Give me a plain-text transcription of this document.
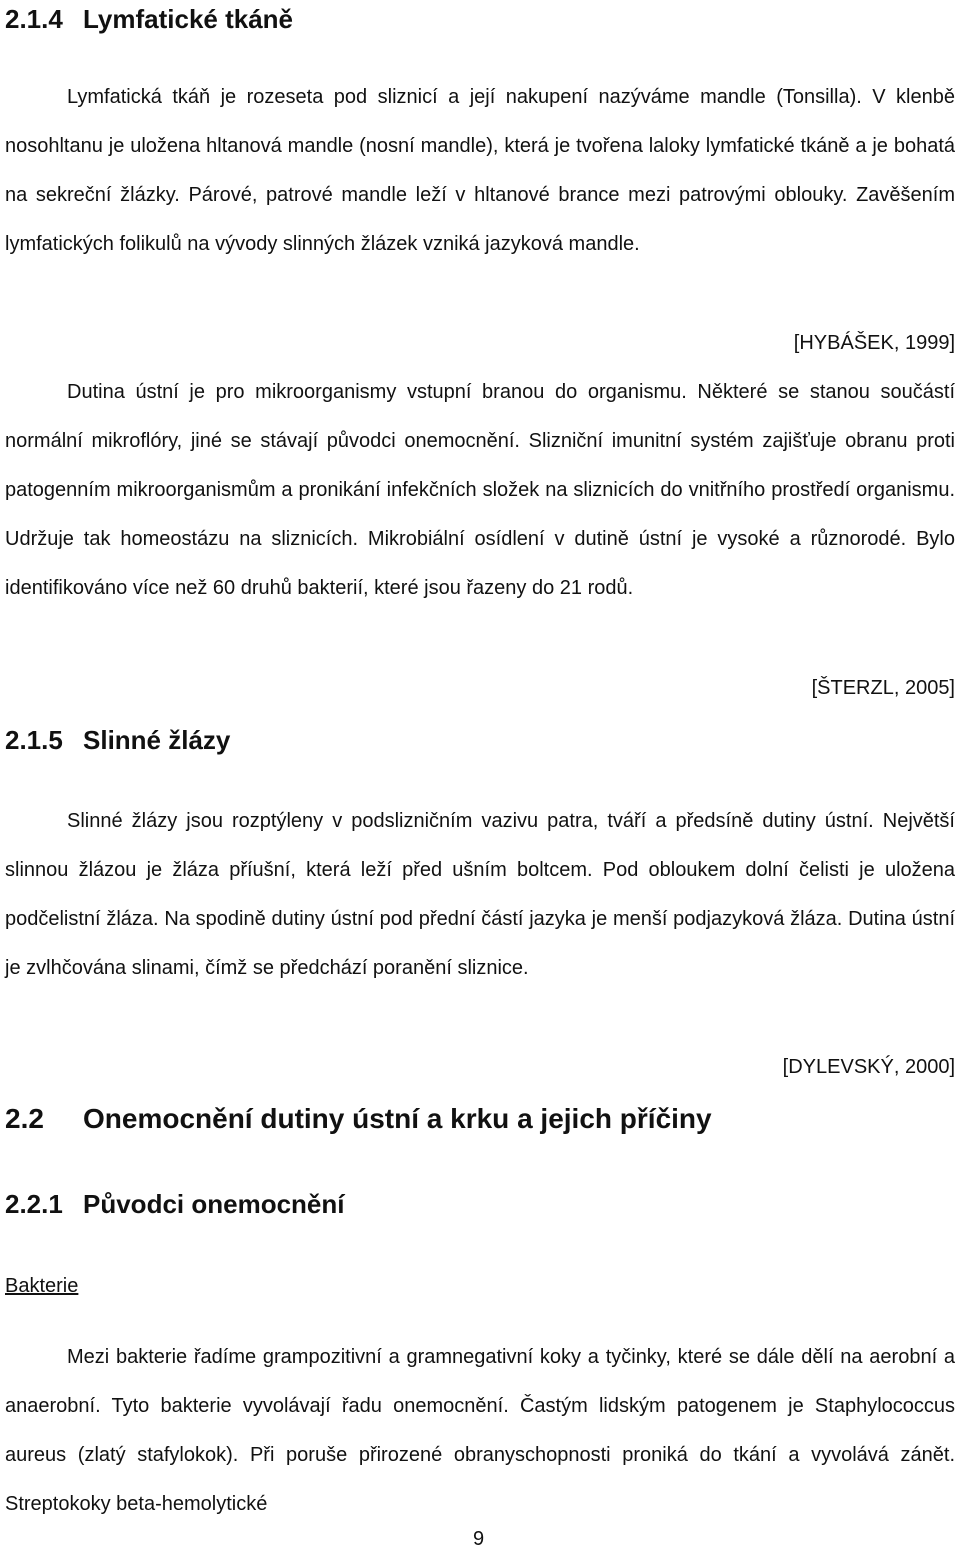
2.1.4 Lymfatické tkáně

Lymfatická tkáň je rozeseta pod sliznicí a její nakupení nazýváme mandle (Tonsilla). V klenbě nosohltanu je uložena hltanová mandle (nosní mandle), která je tvořena laloky lymfatické tkáně a je bohatá na sekreční žlázky. Párové, patrové mandle leží v hltanové brance mezi patrovými oblouky. Zavěšením lymfatických folikulů na vývody slinných žlázek vzniká jazyková mandle.

[HYBÁŠEK, 1999]

Dutina ústní je pro mikroorganismy vstupní branou do organismu. Některé se stanou součástí normální mikroflóry, jiné se stávají původci onemocnění. Slizniční imunitní systém zajišťuje obranu proti patogenním mikroorganismům a pronikání infekčních složek na sliznicích do vnitřního prostředí organismu. Udržuje tak homeostázu na sliznicích. Mikrobiální osídlení v dutině ústní je vysoké a různorodé. Bylo identifikováno více než 60 druhů bakterií, které jsou řazeny do 21 rodů.

[ŠTERZL, 2005]
2.1.5 Slinné žlázy

Slinné žlázy jsou rozptýleny v podslizničním vazivu patra, tváří a předsíně dutiny ústní. Největší slinnou žlázou je žláza příušní, která leží před ušním boltcem. Pod obloukem dolní čelisti je uložena podčelistní žláza. Na spodině dutiny ústní pod přední částí jazyka je menší podjazyková žláza. Dutina ústní je zvlhčována slinami, čímž se předchází poranění sliznice.

[DYLEVSKÝ, 2000]
2.2 Onemocnění dutiny ústní a krku a jejich příčiny
2.2.1 Původci onemocnění
Bakterie

Mezi bakterie řadíme grampozitivní a gramnegativní koky a tyčinky, které se dále dělí na aerobní a anaerobní. Tyto bakterie vyvolávají řadu onemocnění. Častým lidským patogenem je Staphylococcus aureus (zlatý stafylokok). Při poruše přirozené obranyschopnosti proniká do tkání a vyvolává zánět. Streptokoky beta-hemolytické

9
